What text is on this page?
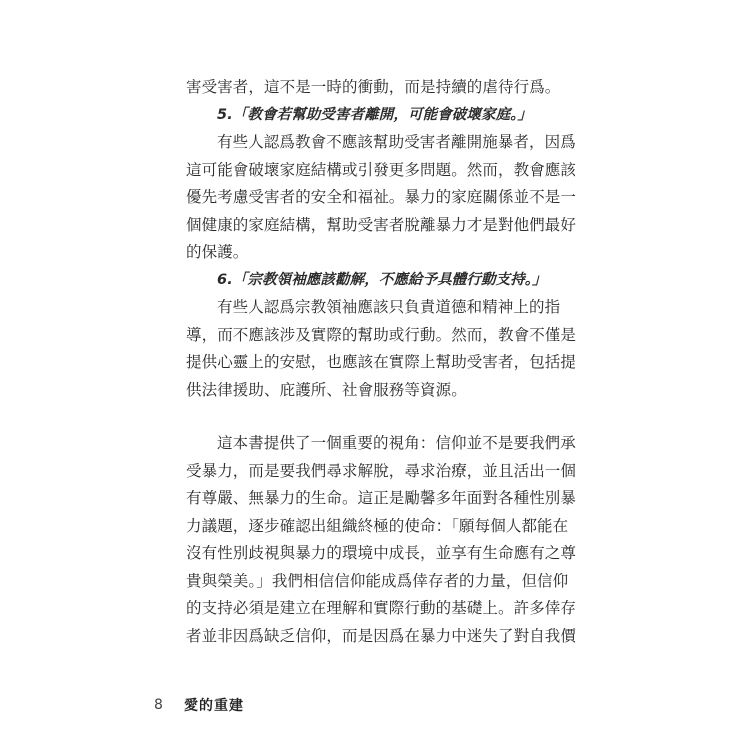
害受害者，這不是一時的衝動，而是持續的虐待行爲。
5.「教會若幫助受害者離開，可能會破壞家庭。」
有些人認爲教會不應該幫助受害者離開施暴者，因爲
這可能會破壞家庭結構或引發更多問題。然而，教會應該
優先考慮受害者的安全和福祉。暴力的家庭關係並不是一
個健康的家庭結構，幫助受害者脫離暴力才是對他們最好
的保護。
6.「宗教領袖應該勸解，不應給予具體行動支持。」
有些人認爲宗教領袖應該只負責道德和精神上的指
導，而不應該涉及實際的幫助或行動。然而，教會不僅是
提供心靈上的安慰，也應該在實際上幫助受害者，包括提
供法律援助、庇護所、社會服務等資源。
這本書提供了一個重要的視角：信仰並不是要我們承
受暴力，而是要我們尋求解脫，尋求治療，並且活出一個
有尊嚴、無暴力的生命。這正是勵馨多年面對各種性別暴
力議題，逐步確認出組織終極的使命：「願每個人都能在
沒有性別歧視與暴力的環境中成長，並享有生命應有之尊
貴與榮美。」我們相信信仰能成爲倖存者的力量，但信仰
的支持必須是建立在理解和實際行動的基礎上。許多倖存
者並非因爲缺乏信仰，而是因爲在暴力中迷失了對自我價
8	愛的重建
